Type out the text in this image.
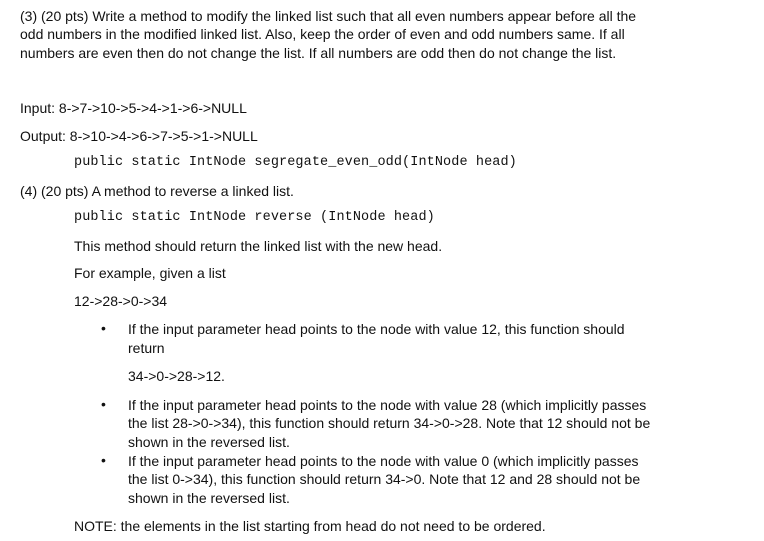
(3) (20 pts) Write a method to modify the linked list such that all even numbers appear before all the
odd numbers in the modified linked list. Also, keep the order of even and odd numbers same. If all
numbers are even then do not change the list. If all numbers are odd then do not change the list.
Input: 8->7->10->5->4->1->6->NULL
Output: 8->10->4->6->7->5->1->NULL
public static IntNode segregate_even_odd(IntNode head)
(4) (20 pts) A method to reverse a linked list.
public static IntNode reverse (IntNode head)
This method should return the linked list with the new head.
For example, given a list
12->28->0->34
• If the input parameter head points to the node with value 12, this function should
return
34->0->28->12.
• If the input parameter head points to the node with value 28 (which implicitly passes
the list 28->0->34), this function should return 34->0->28. Note that 12 should not be
shown in the reversed list.
• If the input parameter head points to the node with value 0 (which implicitly passes
the list 0->34), this function should return 34->0. Note that 12 and 28 should not be
shown in the reversed list.
NOTE: the elements in the list starting from head do not need to be ordered.
